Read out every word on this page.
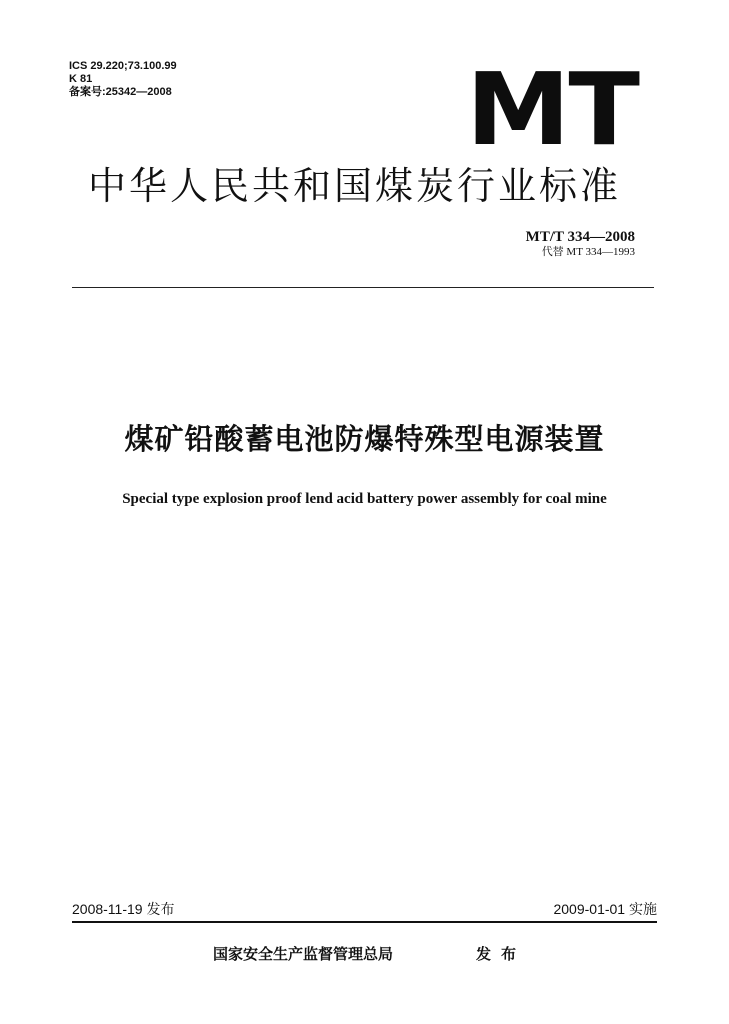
ICS 29.220;73.100.99
K 81
备案号:25342—2008	MT
中华人民共和国煤炭行业标准
MT/T 334—2008
代替 MT 334—1993
煤矿铅酸蓄电池防爆特殊型电源装置
Special type explosion proof lend acid battery power assembly for coal mine
2008-11-19 发布	2009-01-01 实施
国家安全生产监督管理总局	发布
